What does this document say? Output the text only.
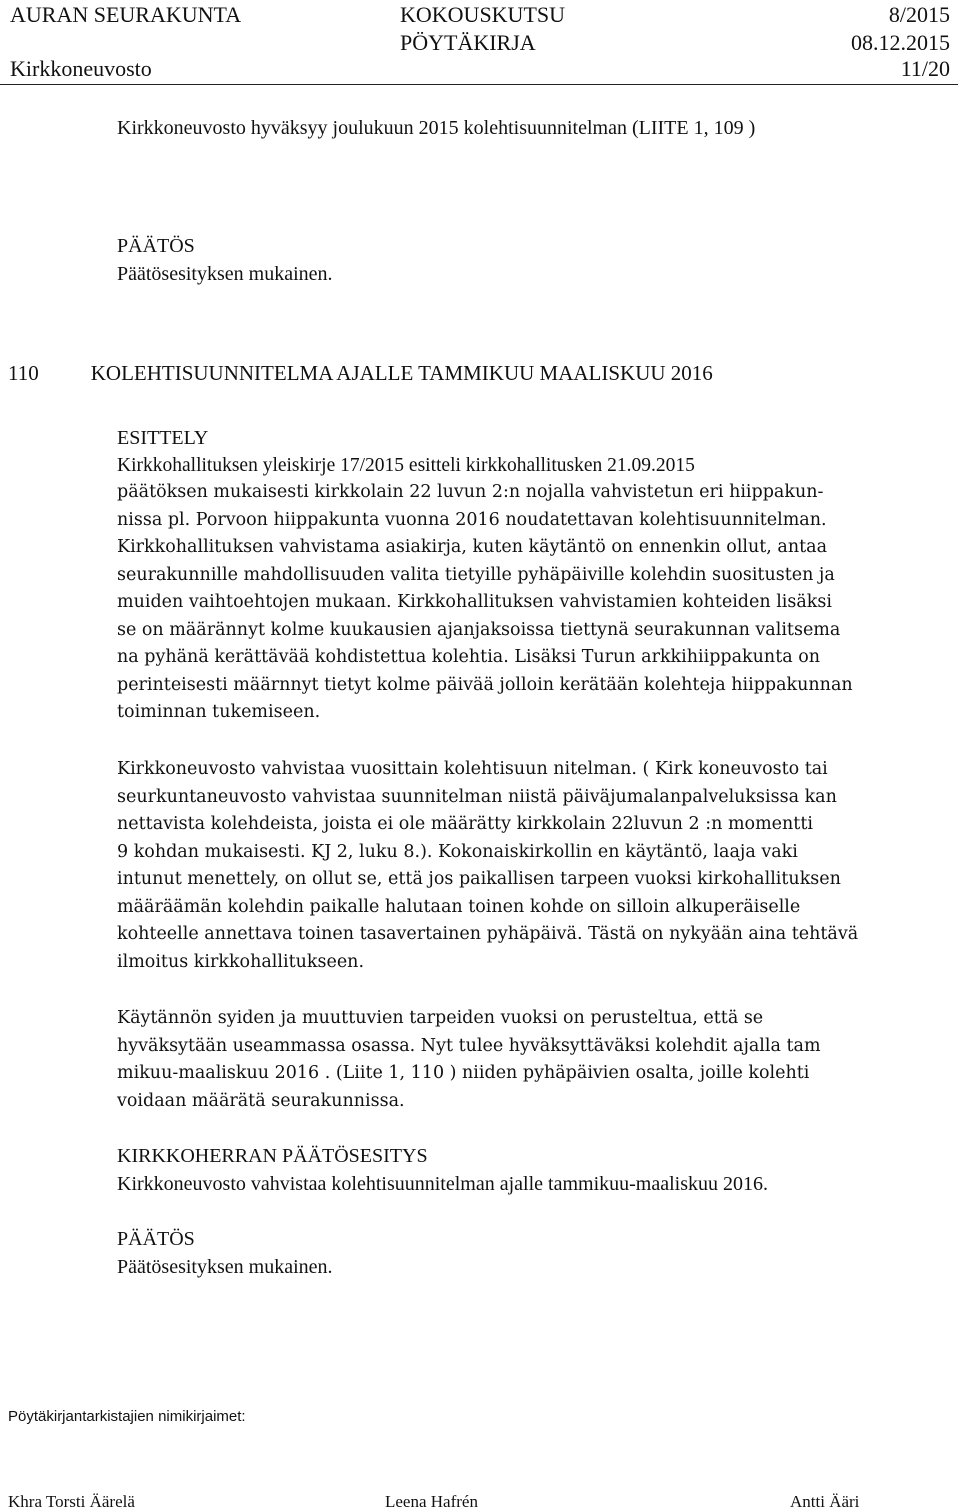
AURAN SEURAKUNTA	KOKOUSKUTSU	8/2015
PÖYTÄKIRJA	08.12.2015
Kirkkoneuvosto	11/20

Kirkkoneuvosto hyväksyy joulukuun 2015 kolehtisuunnitelman (LIITE 1, 109 )

PÄÄTÖS

Päätösesityksen mukainen.

110 KOLEHTISUUNNITELMA AJALLE TAMMIKUU MAALISKUU 2016

ESITTELY

Kirkkohallituksen yleiskirje 17/2015 esitteli kirkkohallitusken 21.09.2015

päätöksen mukaisesti kirkkolain 22 luvun 2:n nojalla vahvistetun eri hiippakun-
nissa pl. Porvoon hiippakunta vuonna 2016 noudatettavan kolehtisuunnitelman.
Kirkkohallituksen vahvistama asiakirja, kuten käytäntö on ennenkin ollut, antaa
seurakunnille mahdollisuuden valita tietyille pyhäpäiville kolehdin suositusten ja
muiden vaihtoehtojen mukaan. Kirkkohallituksen vahvistamien kohteiden lisäksi
se on määrännyt kolme kuukausien ajanjaksoissa tiettynä seurakunnan valitsema
na pyhänä kerättävää kohdistettua kolehtia. Lisäksi Turun arkkihiippakunta on
perinteisesti määrnnyt tietyt kolme päivää jolloin kerätään kolehteja hiippakunnan
toiminnan tukemiseen.
Kirkkoneuvosto vahvistaa vuosittain kolehtisuun nitelman. ( Kirk koneuvosto tai
seurkuntaneuvosto vahvistaa suunnitelman niistä päiväjumalanpalveluksissa kan
nettavista kolehdeista, joista ei ole määrätty kirkkolain 22luvun 2 :n momentti
9 kohdan mukaisesti. KJ 2, luku 8.). Kokonaiskirkollin en käytäntö, laaja vaki
intunut menettely, on ollut se, että jos paikallisen tarpeen vuoksi kirkohallituksen
määräämän kolehdin paikalle halutaan toinen kohde on silloin alkuperäiselle
kohteelle annettava toinen tasavertainen pyhäpäivä. Tästä on nykyään aina tehtävä
ilmoitus kirkkohallitukseen.
Käytännön syiden ja muuttuvien tarpeiden vuoksi on perusteltua, että se
hyväksytään useammassa osassa. Nyt tulee hyväksyttäväksi kolehdit ajalla tam
mikuu-maaliskuu 2016 . (Liite 1, 110 ) niiden pyhäpäivien osalta, joille kolehti
voidaan määrätä seurakunnissa.

KIRKKOHERRAN PÄÄTÖSESITYS

Kirkkoneuvosto vahvistaa kolehtisuunnitelman ajalle tammikuu-maaliskuu 2016.

PÄÄTÖS

Päätösesityksen mukainen.

Pöytäkirjantarkistajien nimikirjaimet:
Khra Torsti Äärelä	Leena Hafrén	Antti Ääri
